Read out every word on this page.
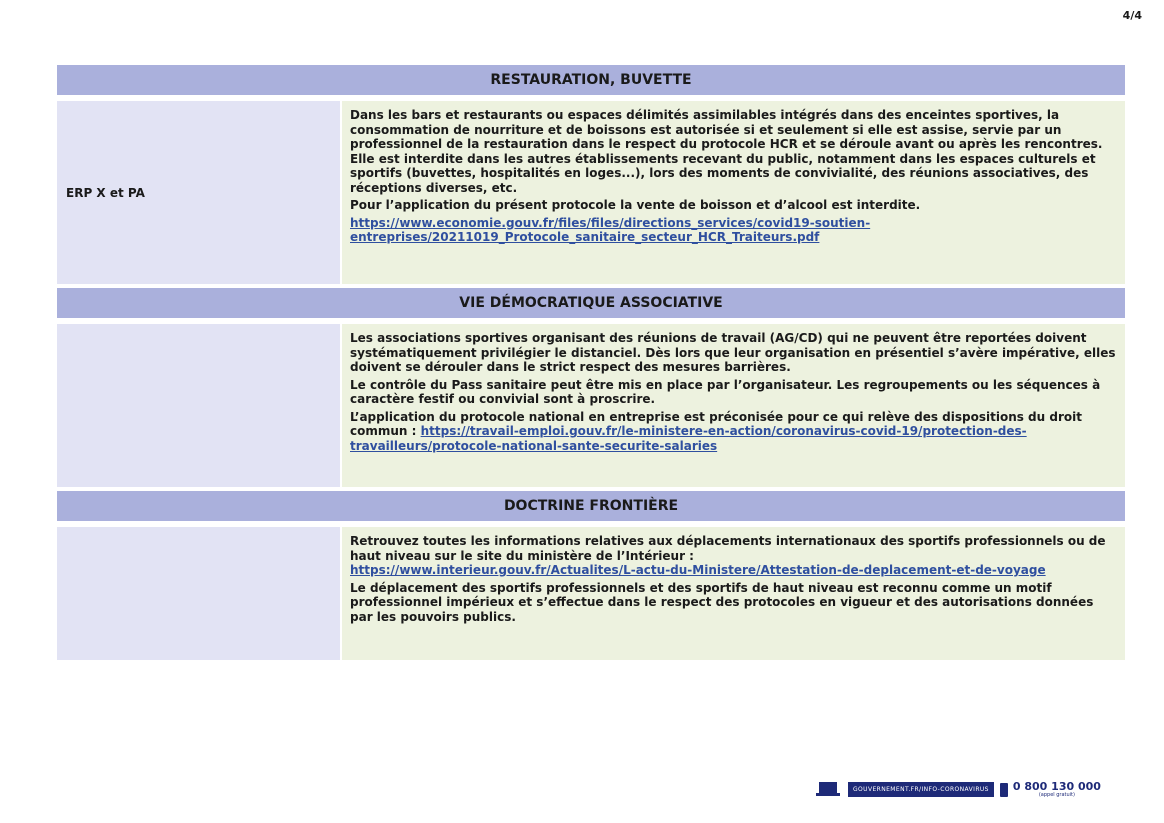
4/4
RESTAURATION, BUVETTE
ERP X et PA

Dans les bars et restaurants ou espaces délimités assimilables intégrés dans des enceintes sportives, la consommation de nourriture et de boissons est autorisée si et seulement si elle est assise, servie par un professionnel de la restauration dans le respect du protocole HCR et se déroule avant ou après les rencontres. Elle est interdite dans les autres établissements recevant du public, notamment dans les espaces culturels et sportifs (buvettes, hospitalités en loges...), lors des moments de convivialité, des réunions associatives, des réceptions diverses, etc.

Pour l’application du présent protocole la vente de boisson et d’alcool est interdite.

https://www.economie.gouv.fr/files/files/directions_services/covid19-soutien-entreprises/20211019_Protocole_sanitaire_secteur_HCR_Traiteurs.pdf

VIE DÉMOCRATIQUE ASSOCIATIVE

Les associations sportives organisant des réunions de travail (AG/CD) qui ne peuvent être reportées doivent systématiquement privilégier le distanciel. Dès lors que leur organisation en présentiel s’avère impérative, elles doivent se dérouler dans le strict respect des mesures barrières.

Le contrôle du Pass sanitaire peut être mis en place par l’organisateur. Les regroupements ou les séquences à caractère festif ou convivial sont à proscrire.

L’application du protocole national en entreprise est préconisée pour ce qui relève des dispositions du droit commun : https://travail-emploi.gouv.fr/le-ministere-en-action/coronavirus-covid-19/protection-des-travailleurs/protocole-national-sante-securite-salaries

DOCTRINE FRONTIÈRE

Retrouvez toutes les informations relatives aux déplacements internationaux des sportifs professionnels ou de haut niveau sur le site du ministère de l’Intérieur :

https://www.interieur.gouv.fr/Actualites/L-actu-du-Ministere/Attestation-de-deplacement-et-de-voyage

Le déplacement des sportifs professionnels et des sportifs de haut niveau est reconnu comme un motif professionnel impérieux et s’effectue dans le respect des protocoles en vigueur et des autorisations données par les pouvoirs publics.

GOUVERNEMENT.FR/INFO-CORONAVIRUS	0 800 130 000
(appel gratuit)
